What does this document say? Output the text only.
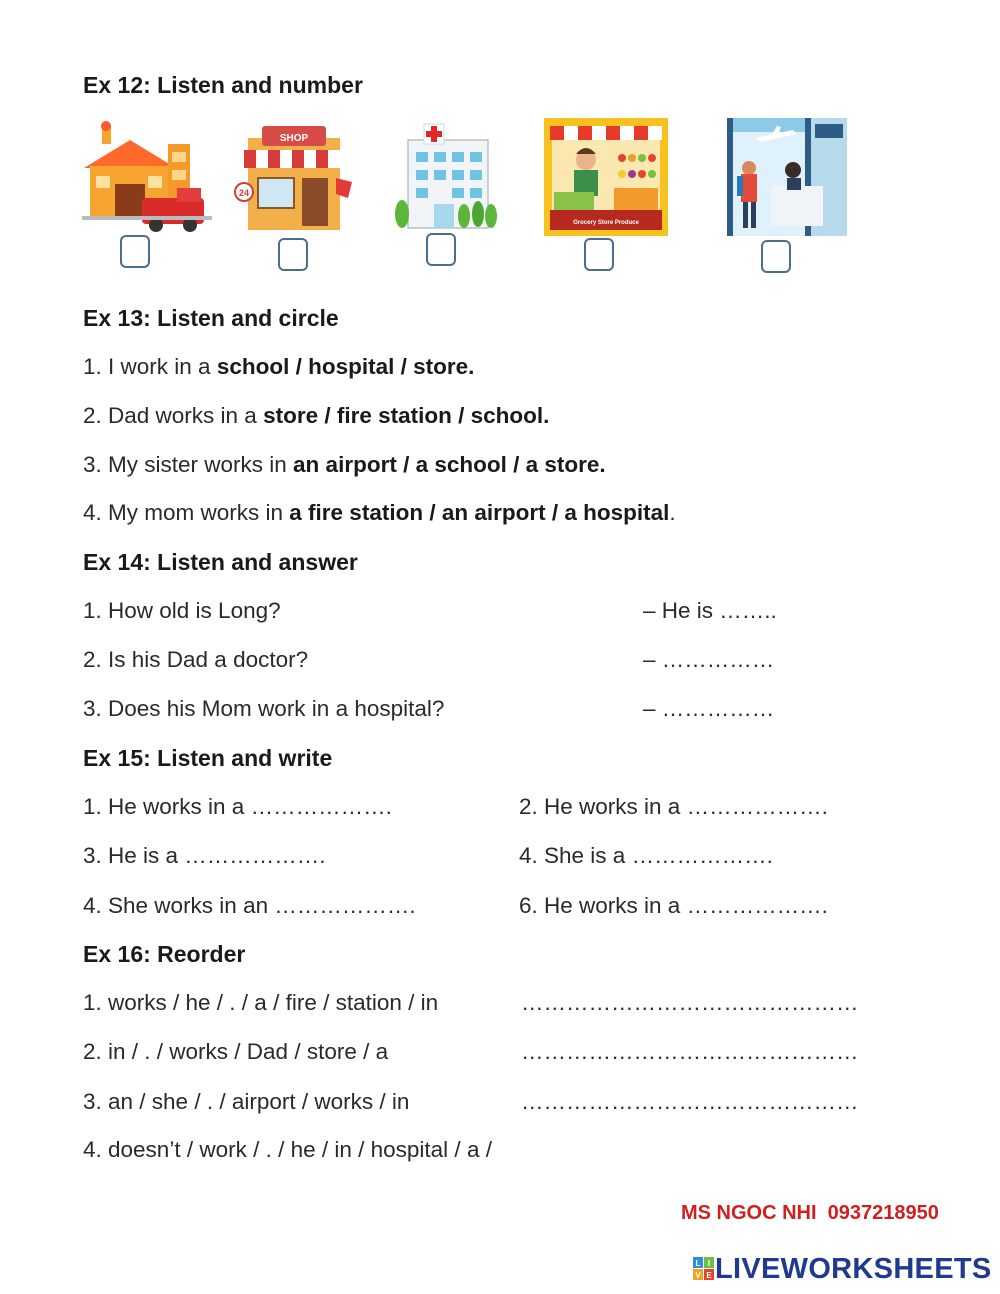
Ex 12: Listen and number
SHOP
24
Grocery Store Produce
Ex 13: Listen and circle
1. I work in a school / hospital / store.
2. Dad works in a store / fire station / school.
3. My sister works in an airport / a school / a store.
4. My mom works in a fire station / an airport / a hospital.
Ex 14: Listen and answer
1. How old is Long?	– He is ……..
2. Is his Dad a doctor?	– ……………
3. Does his Mom work in a hospital?	– ……………
Ex 15: Listen and write
1. He works in a ……………….	2. He works in a ……………….
3. He is a ……………….	4. She is a ……………….
4. She works in an ……………….	6. He works in a ……………….
Ex 16: Reorder
1. works / he / . / a / fire / station / in	………………………………………
2. in / . / works / Dad / store / a	………………………………………
3. an / she / . / airport / works / in	………………………………………
4. doesn’t / work / . / he / in / hospital / a /
MS NGOC NHI  0937218950
L I
V E LIVEWORKSHEETS
